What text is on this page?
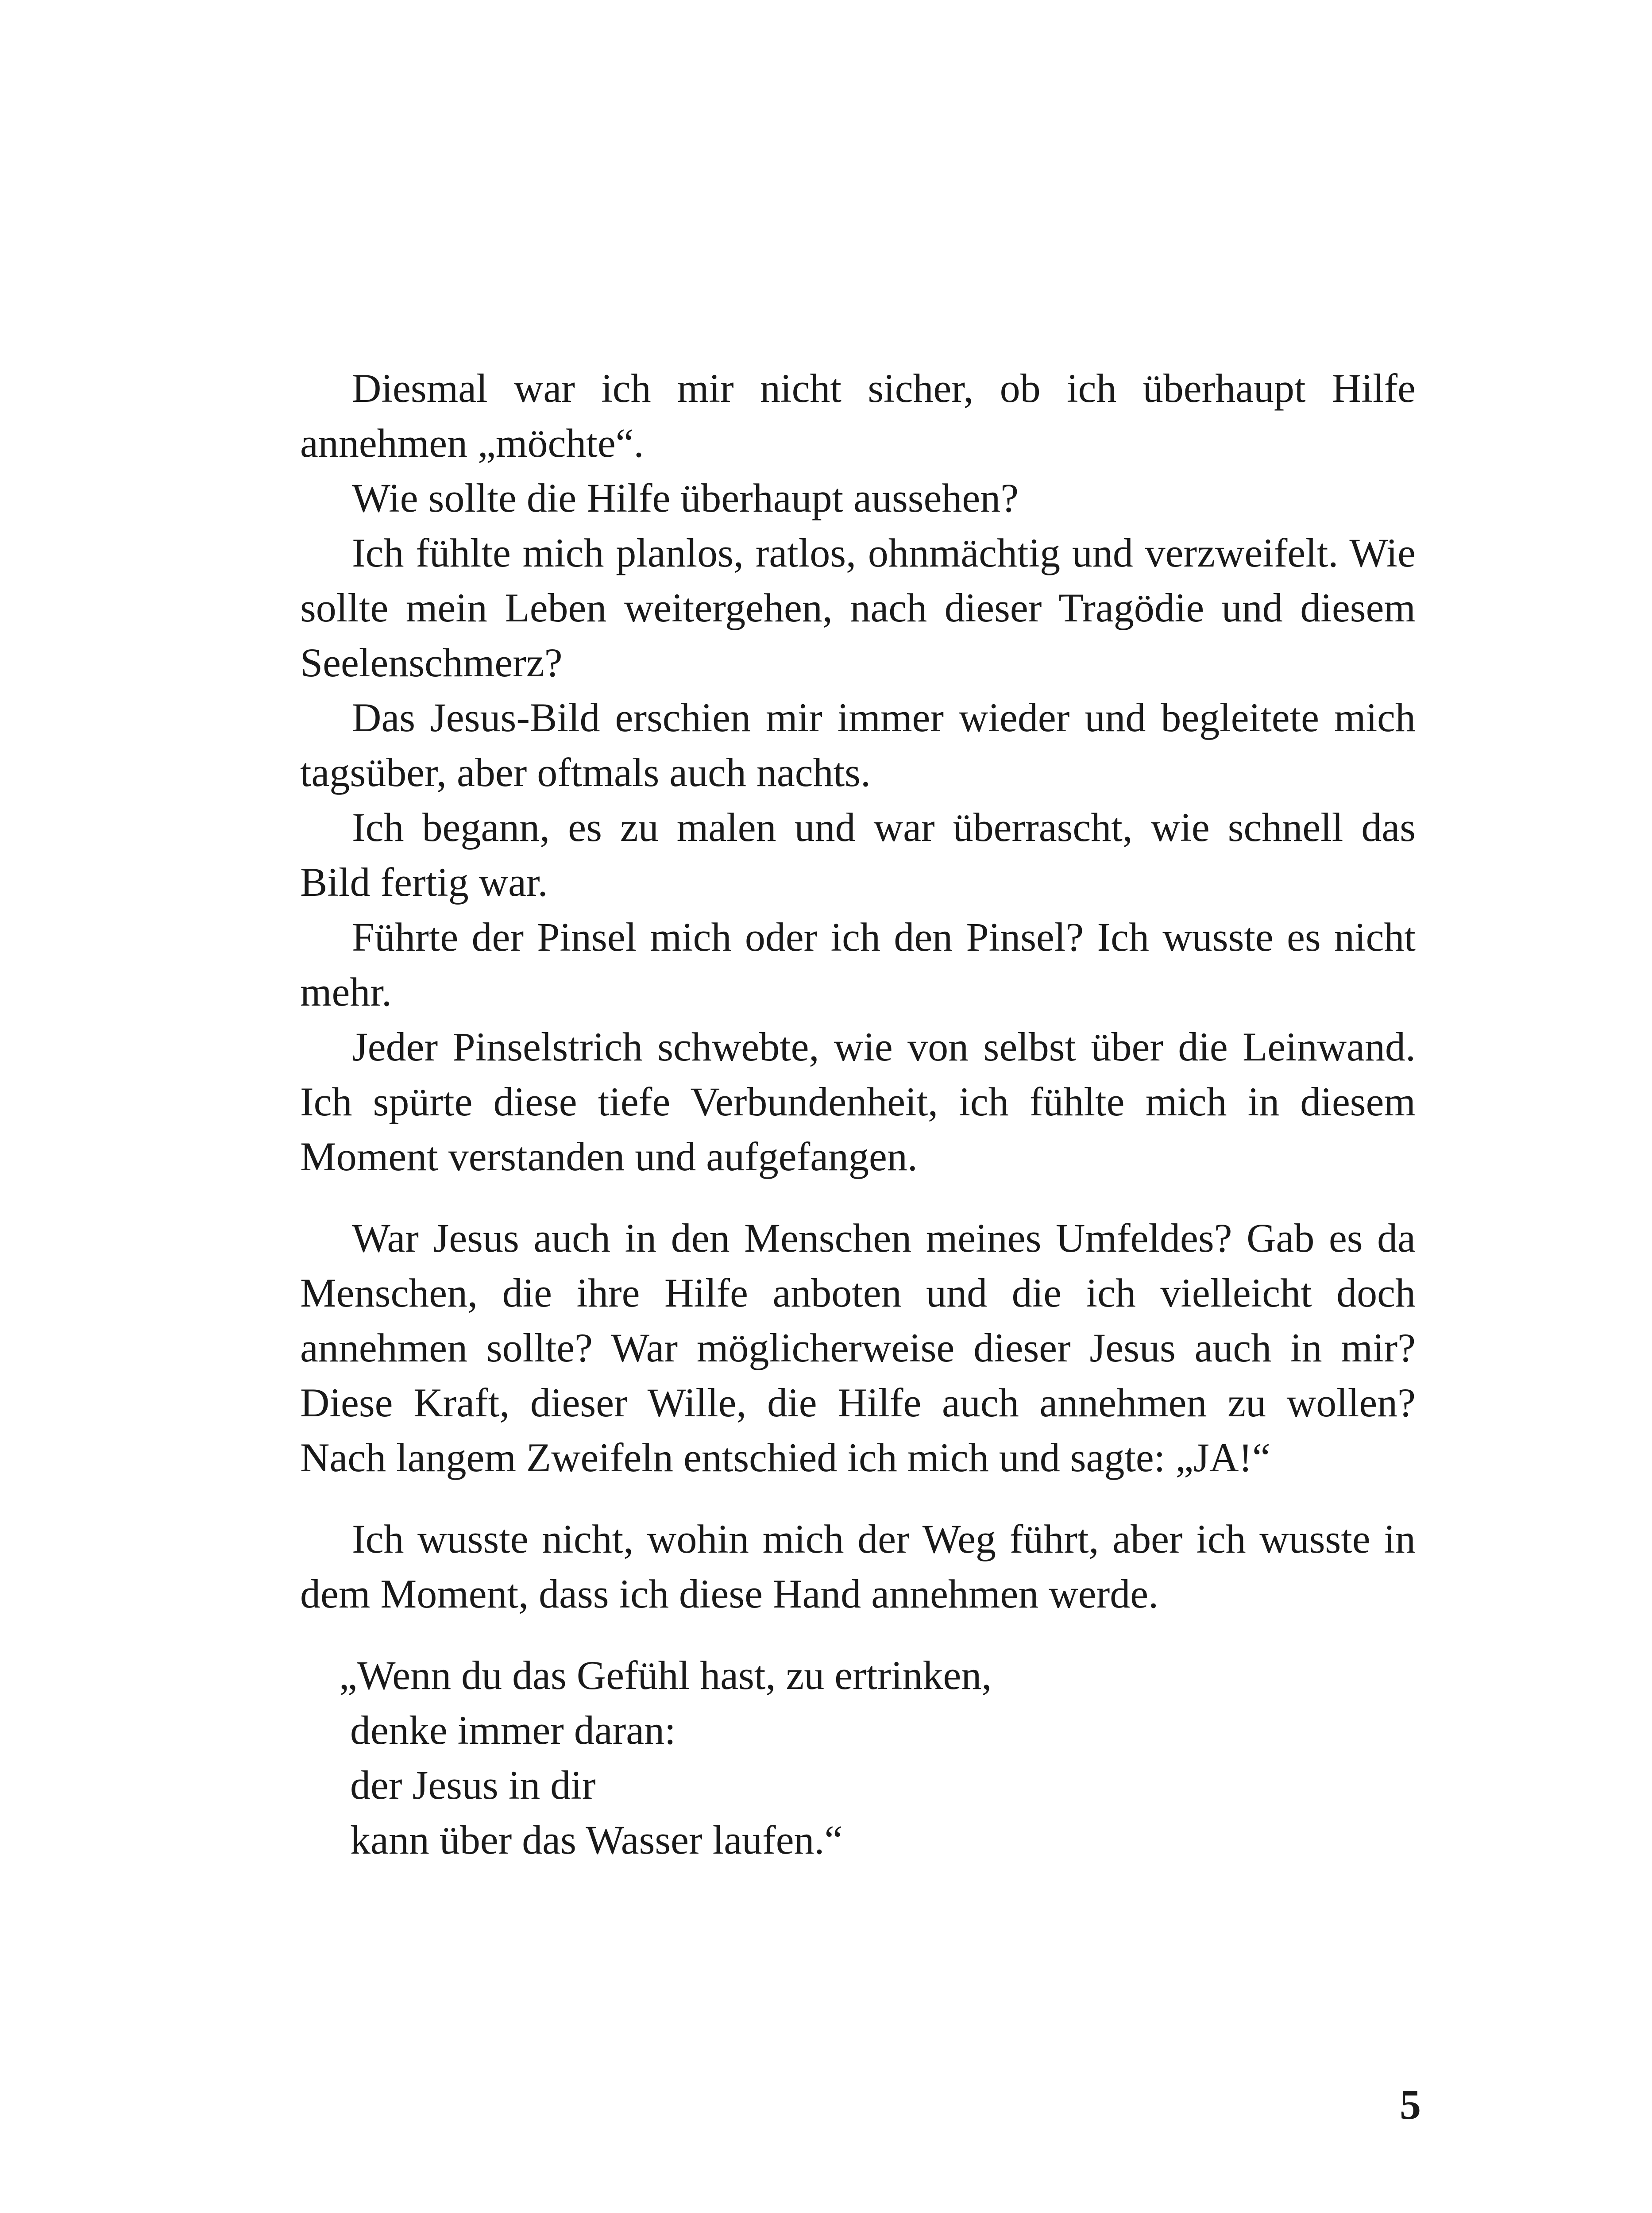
Diesmal war ich mir nicht sicher, ob ich überhaupt Hilfe annehmen „möchte“.

Wie sollte die Hilfe überhaupt aussehen?

Ich fühlte mich planlos, ratlos, ohnmächtig und verzweifelt. Wie sollte mein Leben weitergehen, nach dieser Tragödie und diesem Seelenschmerz?

Das Jesus-Bild erschien mir immer wieder und begleitete mich tagsüber, aber oftmals auch nachts.

Ich begann, es zu malen und war überrascht, wie schnell das Bild fertig war.

Führte der Pinsel mich oder ich den Pinsel? Ich wusste es nicht mehr.

Jeder Pinselstrich schwebte, wie von selbst über die Leinwand. Ich spürte diese tiefe Verbundenheit, ich fühlte mich in diesem Moment verstanden und aufgefangen.

War Jesus auch in den Menschen meines Umfeldes? Gab es da Menschen, die ihre Hilfe anboten und die ich vielleicht doch annehmen sollte? War möglicherweise dieser Jesus auch in mir? Diese Kraft, dieser Wille, die Hilfe auch annehmen zu wollen? Nach langem Zweifeln entschied ich mich und sagte: „JA!“

Ich wusste nicht, wohin mich der Weg führt, aber ich wusste in dem Moment, dass ich diese Hand annehmen werde.

„Wenn du das Gefühl hast, zu ertrinken,
denke immer daran:
der Jesus in dir
kann über das Wasser laufen.“
5
